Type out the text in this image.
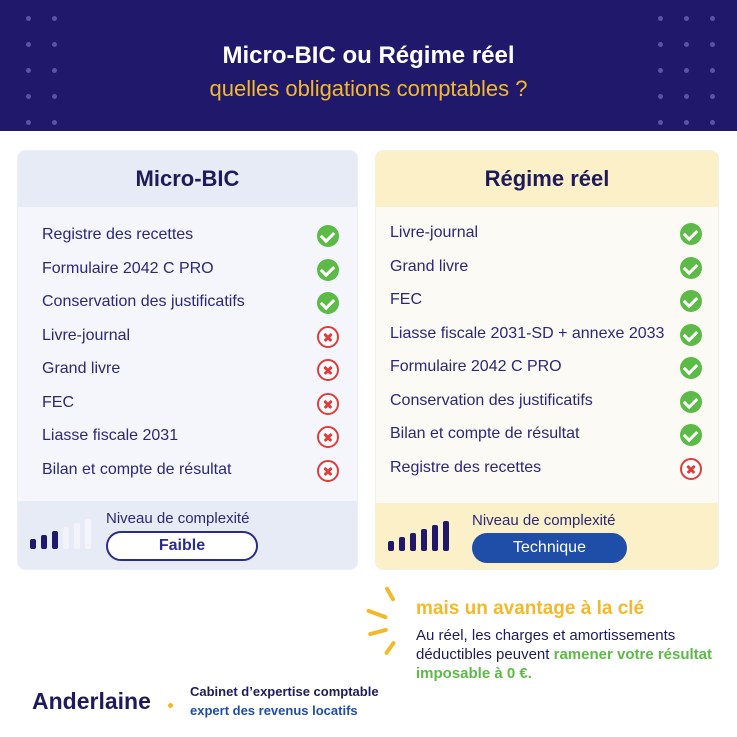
Micro-BIC ou Régime réel
quelles obligations comptables ?
Micro-BIC
Registre des recettes
Formulaire 2042 C PRO
Conservation des justificatifs
Livre-journal
Grand livre
FEC
Liasse fiscale 2031
Bilan et compte de résultat
Niveau de complexité
Faible
Régime réel
Livre-journal
Grand livre
FEC
Liasse fiscale 2031-SD + annexe 2033
Formulaire 2042 C PRO
Conservation des justificatifs
Bilan et compte de résultat
Registre des recettes
Niveau de complexité
Technique
mais un avantage à la clé
Au réel, les charges et amortissements déductibles peuvent ramener votre résultat imposable à 0 €.
Anderlaine	Cabinet d’expertise comptable
expert des revenus locatifs
